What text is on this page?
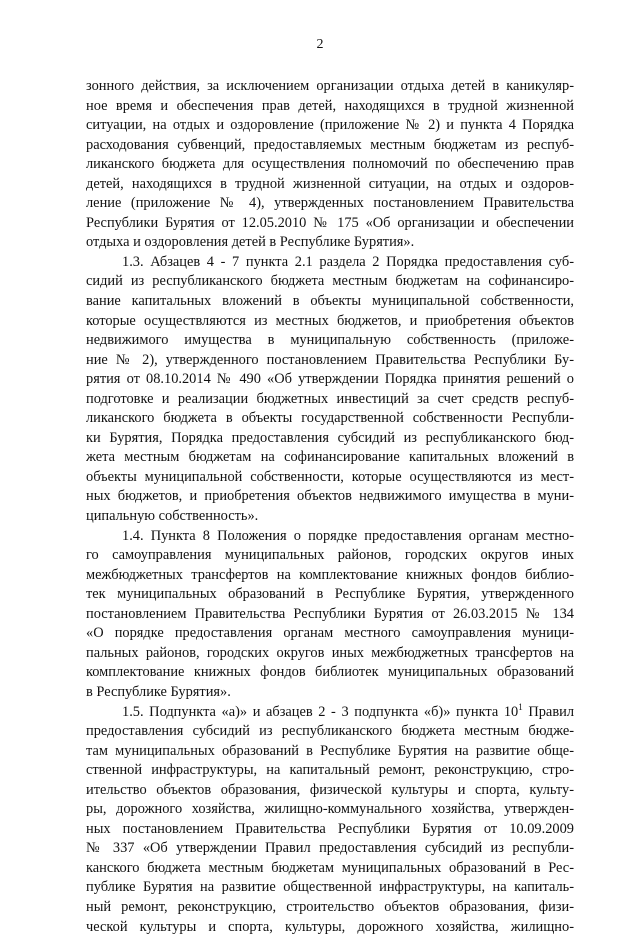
2
зонного действия, за исключением организации отдыха детей в каникуляр-
ное время и обеспечения прав детей, находящихся в трудной жизненной
ситуации, на отдых и оздоровление (приложение № 2) и пункта 4 Порядка
расходования субвенций, предоставляемых местным бюджетам из респуб-
ликанского бюджета для осуществления полномочий по обеспечению прав
детей, находящихся в трудной жизненной ситуации, на отдых и оздоров-
ление (приложение № 4), утвержденных постановлением Правительства
Республики Бурятия от 12.05.2010 № 175 «Об организации и обеспечении
отдыха и оздоровления детей в Республике Бурятия».
1.3. Абзацев 4 - 7 пункта 2.1 раздела 2 Порядка предоставления суб-
сидий из республиканского бюджета местным бюджетам на софинансиро-
вание капитальных вложений в объекты муниципальной собственности,
которые осуществляются из местных бюджетов, и приобретения объектов
недвижимого имущества в муниципальную собственность (приложе-
ние № 2), утвержденного постановлением Правительства Республики Бу-
рятия от 08.10.2014 № 490 «Об утверждении Порядка принятия решений о
подготовке и реализации бюджетных инвестиций за счет средств респуб-
ликанского бюджета в объекты государственной собственности Республи-
ки Бурятия, Порядка предоставления субсидий из республиканского бюд-
жета местным бюджетам на софинансирование капитальных вложений в
объекты муниципальной собственности, которые осуществляются из мест-
ных бюджетов, и приобретения объектов недвижимого имущества в муни-
ципальную собственность».
1.4. Пункта 8 Положения о порядке предоставления органам местно-
го самоуправления муниципальных районов, городских округов иных
межбюджетных трансфертов на комплектование книжных фондов библио-
тек муниципальных образований в Республике Бурятия, утвержденного
постановлением Правительства Республики Бурятия от 26.03.2015 № 134
«О порядке предоставления органам местного самоуправления муници-
пальных районов, городских округов иных межбюджетных трансфертов на
комплектование книжных фондов библиотек муниципальных образований
в Республике Бурятия».
1.5. Подпункта «а)» и абзацев 2 - 3 подпункта «б)» пункта $10^1$ Правил
предоставления субсидий из республиканского бюджета местным бюдже-
там муниципальных образований в Республике Бурятия на развитие обще-
ственной инфраструктуры, на капитальный ремонт, реконструкцию, стро-
ительство объектов образования, физической культуры и спорта, культу-
ры, дорожного хозяйства, жилищно-коммунального хозяйства, утвержден-
ных постановлением Правительства Республики Бурятия от 10.09.2009
№ 337 «Об утверждении Правил предоставления субсидий из республи-
канского бюджета местным бюджетам муниципальных образований в Рес-
публике Бурятия на развитие общественной инфраструктуры, на капиталь-
ный ремонт, реконструкцию, строительство объектов образования, физи-
ческой культуры и спорта, культуры, дорожного хозяйства, жилищно-
